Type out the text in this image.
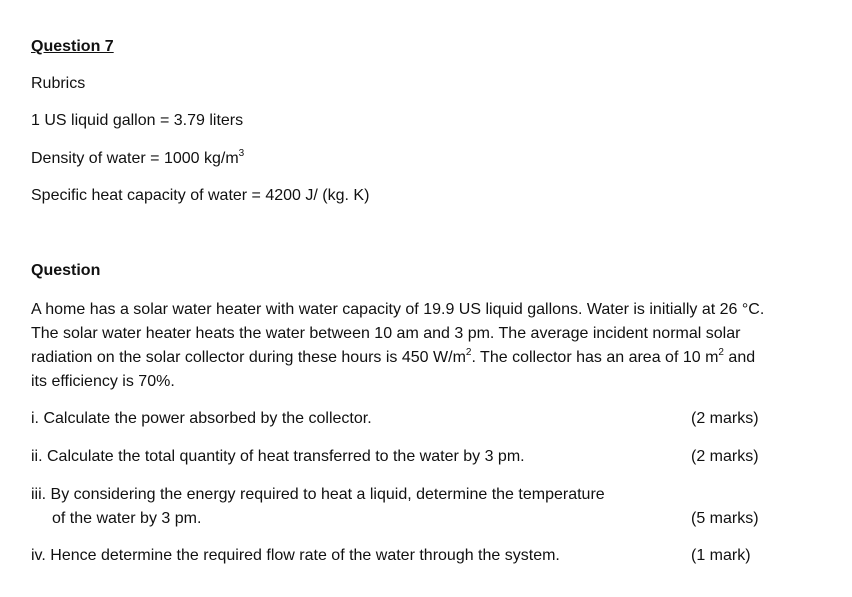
Question 7
Rubrics
1 US liquid gallon = 3.79 liters
Density of water = 1000 $kg/m^3$
Specific heat capacity of water = 4200 J/ (kg. K)
Question
A home has a solar water heater with water capacity of 19.9 US liquid gallons. Water is initially at 26 °C.
The solar water heater heats the water between 10 am and 3 pm. The average incident normal solar
radiation on the solar collector during these hours is 450 $W/m^2$. The collector has an area of 10 $m^2$ and
its efficiency is 70%.
i. Calculate the power absorbed by the collector.	(2 marks)
ii. Calculate the total quantity of heat transferred to the water by 3 pm.	(2 marks)
iii. By considering the energy required to heat a liquid, determine the temperature
of the water by 3 pm.	(5 marks)
iv. Hence determine the required flow rate of the water through the system.	(1 mark)
